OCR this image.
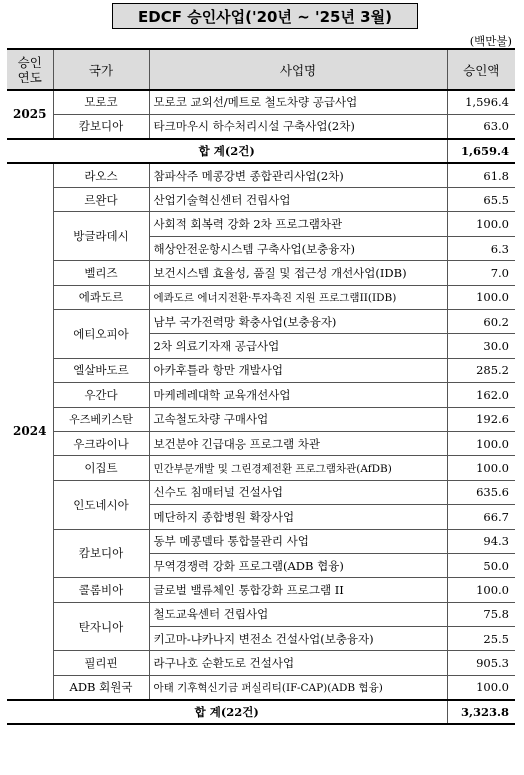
EDCF 승인사업('20년 ~ '25년 3월)
(백만불)
승인
연도	국가	사업명	승인액
2025	모로코	모로코 교외선/메트로 철도차량 공급사업	1,596.4
	캄보디아	타크마우시 하수처리시설 구축사업(2차)	63.0
합 계(2건)			1,659.4
2024	라오스	참파삭주 메콩강변 종합관리사업(2차)	61.8
	르완다	산업기술혁신센터 건립사업	65.5
	방글라데시	사회적 회복력 강화 2차 프로그램차관	100.0
		해상안전운항시스템 구축사업(보충융자)	6.3
	벨리즈	보건시스템 효율성, 품질 및 접근성 개선사업(IDB)	7.0
	에콰도르	에콰도르 에너지전환·투자촉진 지원 프로그램II(IDB)	100.0
	에티오피아	남부 국가전력망 확충사업(보충융자)	60.2
		2차 의료기자재 공급사업	30.0
	엘살바도르	아카후틀라 항만 개발사업	285.2
	우간다	마케레레대학 교육개선사업	162.0
	우즈베키스탄	고속철도차량 구매사업	192.6
	우크라이나	보건분야 긴급대응 프로그램 차관	100.0
	이집트	민간부문개발 및 그린경제전환 프로그램차관(AfDB)	100.0
	인도네시아	신수도 침매터널 건설사업	635.6
		메단하지 종합병원 확장사업	66.7
	캄보디아	동부 메콩델타 통합물관리 사업	94.3
		무역경쟁력 강화 프로그램(ADB 협융)	50.0
	콜롬비아	글로벌 밸류체인 통합강화 프로그램 II	100.0
	탄자니아	철도교육센터 건립사업	75.8
		키고마-냐카나지 변전소 건설사업(보충융자)	25.5
	필리핀	라구나호 순환도로 건설사업	905.3
	ADB 회원국	아태 기후혁신기금 퍼실리티(IF-CAP)(ADB 협융)	100.0
합 계(22건)			3,323.8
